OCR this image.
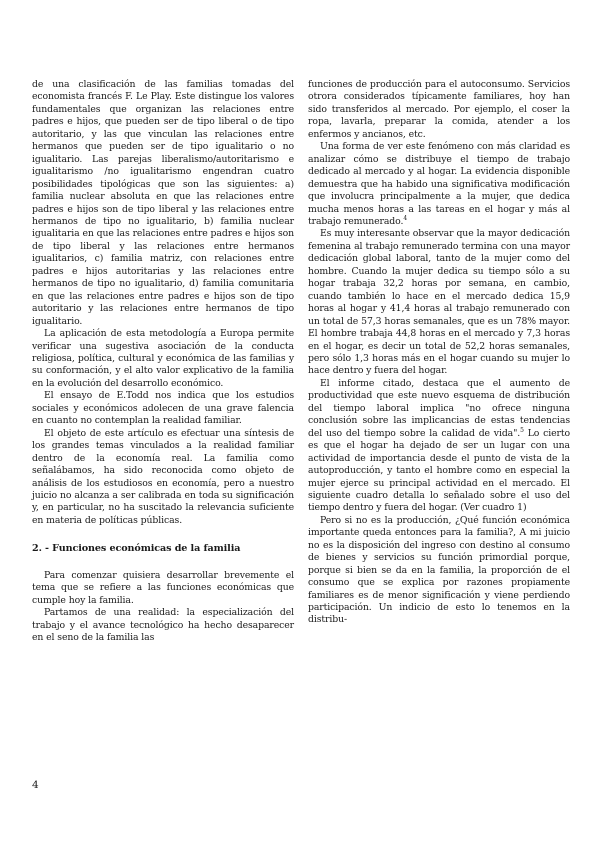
de una clasificación de las familias tomadas del economista francés F. Le Play. Este distingue los valores fundamentales que organizan las relaciones entre padres e hijos, que pueden ser de tipo liberal o de tipo autoritario, y las que vinculan las relaciones entre hermanos que pueden ser de tipo igualitario o no igualitario. Las parejas liberalismo/autoritarismo e igualitarismo /no igualitarismo engendran cuatro posibilidades tipológicas que son las siguientes: a) familia nuclear absoluta en que las relaciones entre padres e hijos son de tipo liberal y las relaciones entre hermanos de tipo no igualitario, b) familia nuclear igualitaria en que las relaciones entre padres e hijos son de tipo liberal y las relaciones entre hermanos igualitarios, c) familia matriz, con relaciones entre padres e hijos autoritarias y las relaciones entre hermanos de tipo no igualitario, d) familia comunitaria en que las relaciones entre padres e hijos son de tipo autoritario y las relaciones entre hermanos de tipo igualitario.

La aplicación de esta metodología a Europa permite verificar una sugestiva asociación de la conducta religiosa, política, cultural y económica de las familias y su conformación, y el alto valor explicativo de la familia en la evolución del desarrollo económico.

El ensayo de E.Todd nos indica que los estudios sociales y económicos adolecen de una grave falencia en cuanto no contemplan la realidad familiar.

El objeto de este artículo es efectuar una síntesis de los grandes temas vinculados a la realidad familiar dentro de la economía real. La familia como señalábamos, ha sido reconocida como objeto de análisis de los estudiosos en economía, pero a nuestro juicio no alcanza a ser calibrada en toda su significación y, en particular, no ha suscitado la relevancia suficiente en materia de políticas públicas.

2. - Funciones económicas de la familia

Para comenzar quisiera desarrollar brevemente el tema que se refiere a las funciones económicas que cumple hoy la familia.

Partamos de una realidad: la especialización del trabajo y el avance tecnológico ha hecho desaparecer en el seno de la familia las

funciones de producción para el autoconsumo. Servicios otrora considerados típicamente familiares, hoy han sido transferidos al mercado. Por ejemplo, el coser la ropa, lavarla, preparar la comida, atender a los enfermos y ancianos, etc.

Una forma de ver este fenómeno con más claridad es analizar cómo se distribuye el tiempo de trabajo dedicado al mercado y al hogar. La evidencia disponible demuestra que ha habido una significativa modificación que involucra principalmente a la mujer, que dedica mucha menos horas a las tareas en el hogar y más al trabajo remunerado.$^4$

Es muy interesante observar que la mayor dedicación femenina al trabajo remunerado termina con una mayor dedicación global laboral, tanto de la mujer como del hombre. Cuando la mujer dedica su tiempo sólo a su hogar trabaja 32,2 horas por semana, en cambio, cuando también lo hace en el mercado dedica 15,9 horas al hogar y 41,4 horas al trabajo remunerado con un total de 57,3 horas semanales, que es un 78% mayor. El hombre trabaja 44,8 horas en el mercado y 7,3 horas en el hogar, es decir un total de 52,2 horas semanales, pero sólo 1,3 horas más en el hogar cuando su mujer lo hace dentro y fuera del hogar.

El informe citado, destaca que el aumento de productividad que este nuevo esquema de distribución del tiempo laboral implica "no ofrece ninguna conclusión sobre las implicancias de estas tendencias del uso del tiempo sobre la calidad de vida".$^5$ Lo cierto es que el hogar ha dejado de ser un lugar con una actividad de importancia desde el punto de vista de la autoproducción, y tanto el hombre como en especial la mujer ejerce su principal actividad en el mercado. El siguiente cuadro detalla lo señalado sobre el uso del tiempo dentro y fuera del hogar. (Ver cuadro 1)

Pero si no es la producción, ¿Qué función económica importante queda entonces para la familia?, A mi juicio no es la disposición del ingreso con destino al consumo de bienes y servicios su función primordial porque, porque si bien se da en la familia, la proporción de el consumo que se explica por razones propiamente familiares es de menor significación y viene perdiendo participación. Un indicio de esto lo tenemos en la distribu-

4
